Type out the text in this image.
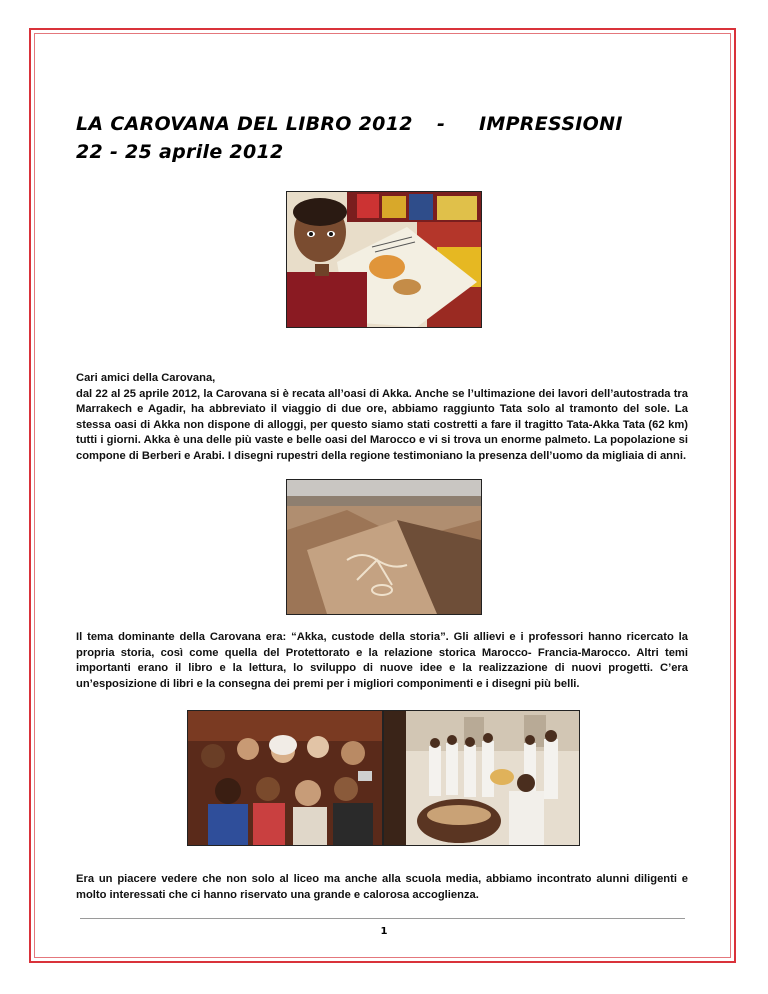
LA CAROVANA DEL LIBRO 2012 - IMPRESSIONI
22 - 25 aprile 2012

Cari amici della Carovana,
dal 22 al 25 aprile 2012, la Carovana si è recata all’oasi di Akka. Anche se l’ultimazione dei lavori dell’autostrada tra Marrakech e Agadir, ha abbreviato il viaggio di due ore, abbiamo raggiunto Tata solo al tramonto del sole. La stessa oasi di Akka non dispone di alloggi, per questo siamo stati costretti a fare il tragitto Tata-Akka Tata (62 km) tutti i giorni. Akka è una delle più vaste e belle oasi del Marocco e vi si trova un enorme palmeto. La popolazione si compone di Berberi e Arabi. I disegni rupestri della regione testimoniano la presenza dell’uomo da migliaia di anni.

Il tema dominante della Carovana era: “Akka, custode della storia”. Gli allievi e i professori hanno ricercato la propria storia, così come quella del Protettorato e la relazione storica Marocco- Francia-Marocco. Altri temi importanti erano il libro e la lettura, lo sviluppo di nuove idee e la realizzazione di nuovi progetti. C’era un’esposizione di libri e la consegna dei premi per i migliori componimenti e i disegni più belli.

Era un piacere vedere che non solo al liceo ma anche alla scuola media, abbiamo incontrato alunni diligenti e molto interessati che ci hanno riservato una grande e calorosa accoglienza.

1
